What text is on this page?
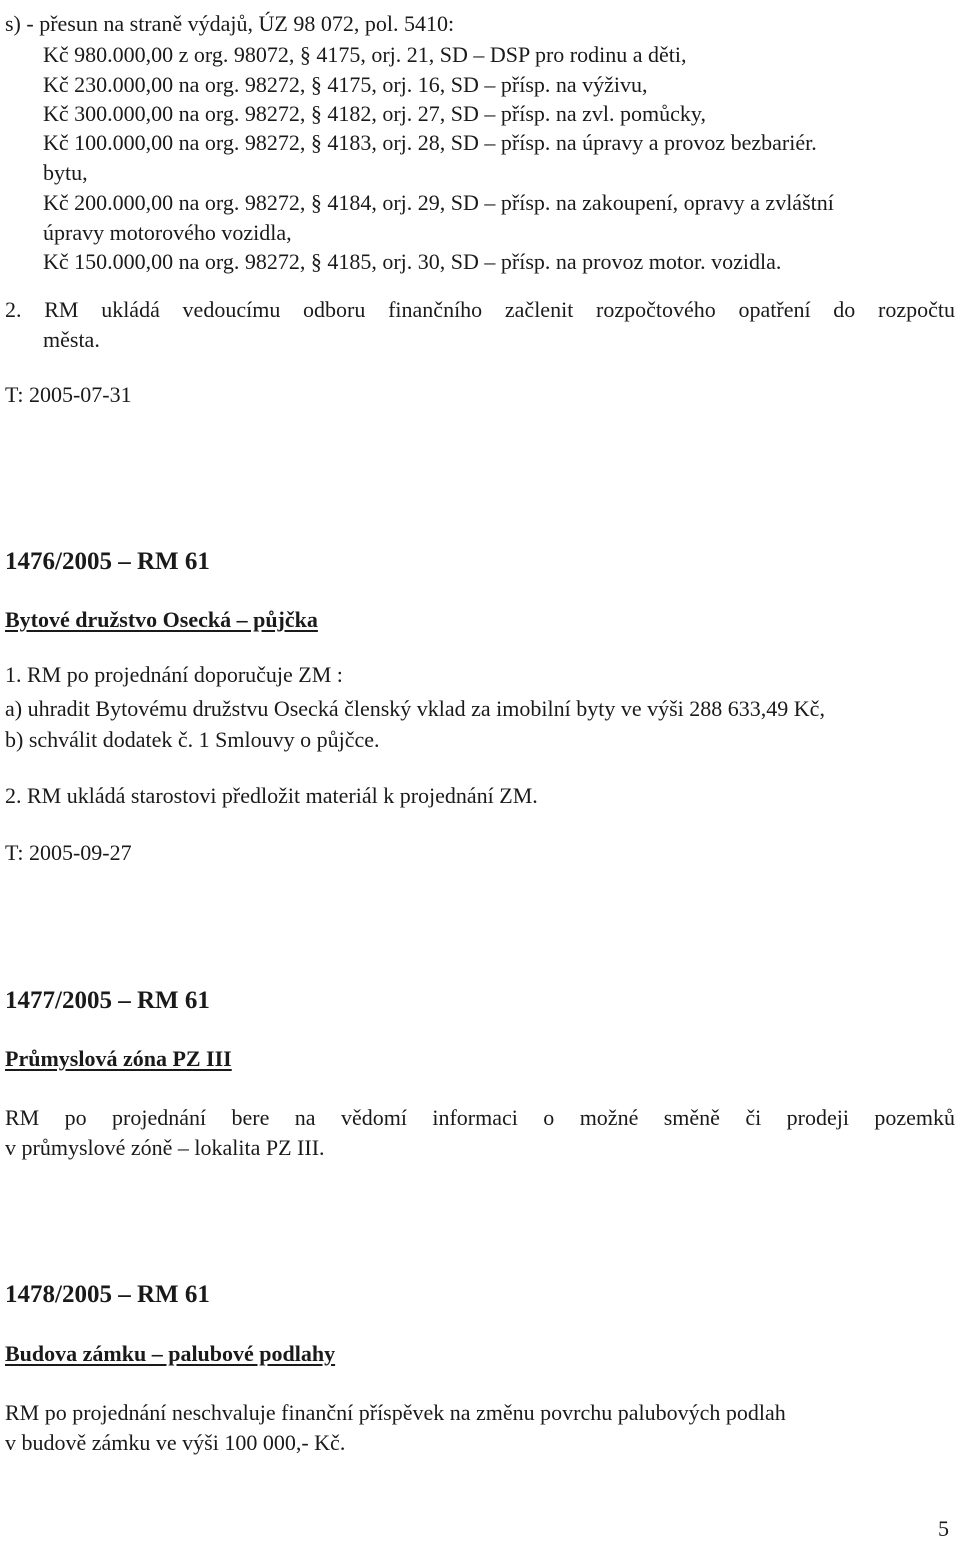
s) - přesun na straně výdajů, ÚZ 98 072, pol. 5410:
Kč 980.000,00 z org. 98072, § 4175, orj. 21, SD – DSP pro rodinu a děti,
Kč 230.000,00 na org. 98272, § 4175, orj. 16, SD – přísp. na výživu,
Kč 300.000,00 na org. 98272, § 4182, orj. 27, SD – přísp. na zvl. pomůcky,
Kč 100.000,00 na org. 98272, § 4183, orj. 28, SD – přísp. na úpravy a provoz bezbariér.
bytu,
Kč 200.000,00 na org. 98272, § 4184, orj. 29, SD – přísp. na zakoupení, opravy a zvláštní
úpravy motorového vozidla,
Kč 150.000,00 na org. 98272, § 4185, orj. 30, SD – přísp. na provoz motor. vozidla.
2. RM ukládá vedoucímu odboru finančního začlenit rozpočtového opatření do rozpočtu
města.
T: 2005-07-31
1476/2005 – RM 61
Bytové družstvo Osecká – půjčka
1. RM po projednání doporučuje ZM :
a) uhradit Bytovému družstvu Osecká členský vklad za imobilní byty ve výši 288 633,49 Kč,
b) schválit dodatek č. 1 Smlouvy o půjčce.
2. RM ukládá starostovi předložit materiál k projednání ZM.
T: 2005-09-27
1477/2005 – RM 61
Průmyslová zóna PZ III
RM po projednání bere na vědomí informaci o možné směně či prodeji pozemků
v průmyslové zóně – lokalita PZ III.
1478/2005 – RM 61
Budova zámku – palubové podlahy
RM po projednání neschvaluje finanční příspěvek na změnu povrchu palubových podlah
v budově zámku ve výši 100 000,- Kč.
5
